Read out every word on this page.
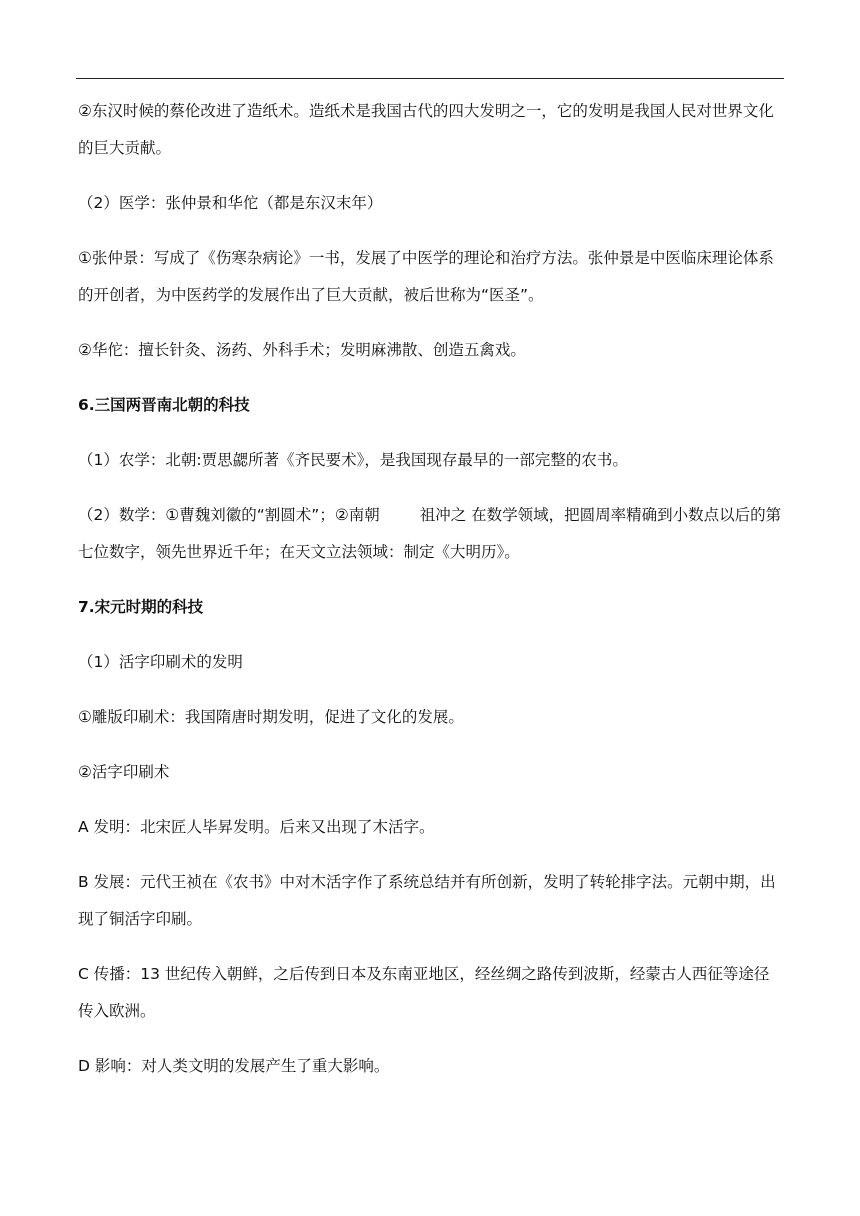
②东汉时候的蔡伦改进了造纸术。造纸术是我国古代的四大发明之一，它的发明是我国人民对世界文化的巨大贡献。

（2）医学：张仲景和华佗（都是东汉末年）

①张仲景：写成了《伤寒杂病论》一书，发展了中医学的理论和治疗方法。张仲景是中医临床理论体系的开创者，为中医药学的发展作出了巨大贡献，被后世称为“医圣”。

②华佗：擅长针灸、汤药、外科手术；发明麻沸散、创造五禽戏。

6.三国两晋南北朝的科技

（1）农学：北朝:贾思勰所著《齐民要术》，是我国现存最早的一部完整的农书。

（2）数学：①曹魏刘徽的“割圆术”；②南朝	祖冲之 在数学领域，把圆周率精确到小数点以后的第七位数字，领先世界近千年；在天文立法领域：制定《大明历》。

7.宋元时期的科技

（1）活字印刷术的发明

①雕版印刷术：我国隋唐时期发明，促进了文化的发展。

②活字印刷术

A 发明：北宋匠人毕昇发明。后来又出现了木活字。

B 发展：元代王祯在《农书》中对木活字作了系统总结并有所创新，发明了转轮排字法。元朝中期，出现了铜活字印刷。

C 传播：13 世纪传入朝鲜，之后传到日本及东南亚地区，经丝绸之路传到波斯，经蒙古人西征等途径传入欧洲。

D 影响：对人类文明的发展产生了重大影响。
